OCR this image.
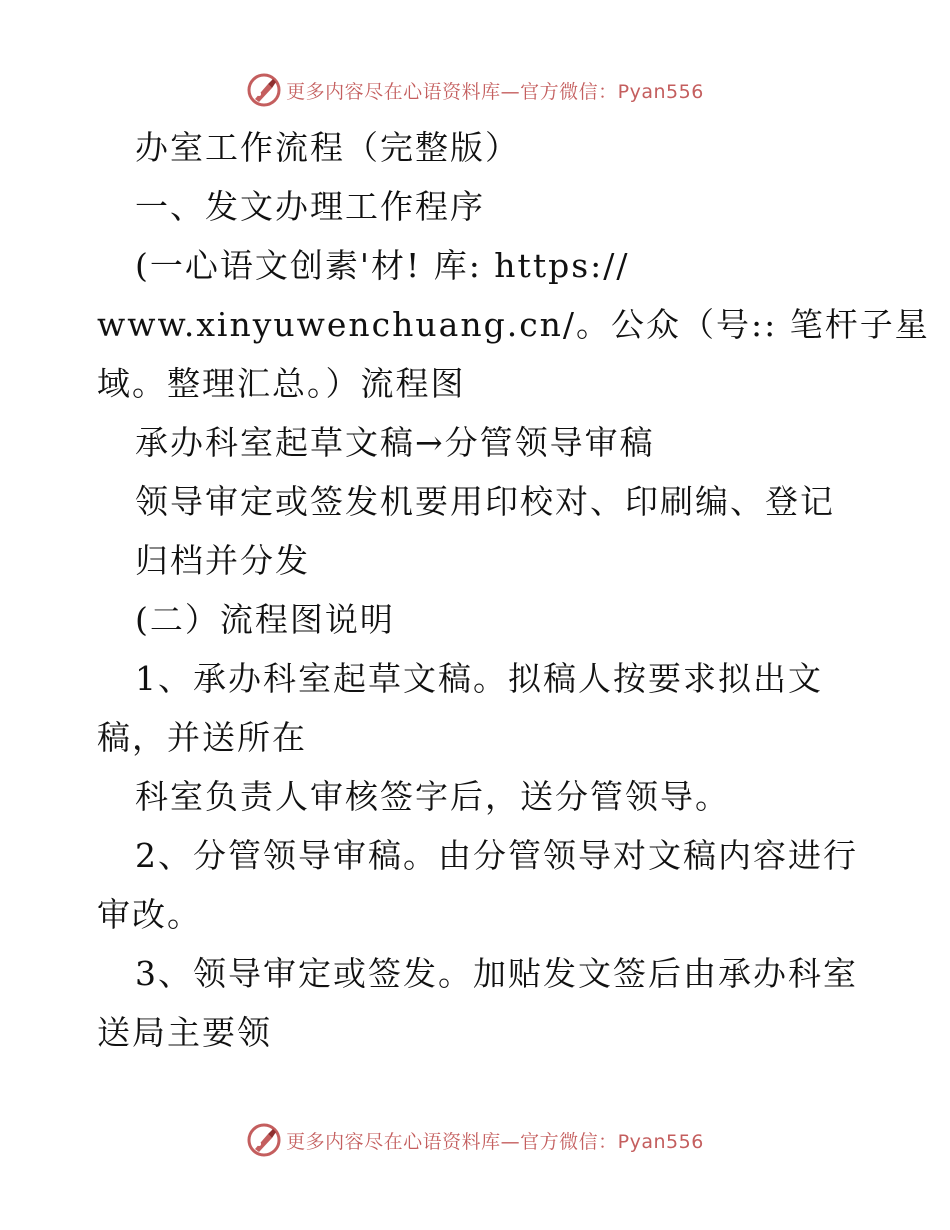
更多内容尽在心语资料库—官方微信：Pyan556
办室工作流程（完整版）
一、发文办理工作程序
(一心语文创素'材! 库: https://
www.xinyuwenchuang.cn/。公众（号:: 笔杆子星
域。整理汇总。）流程图
承办科室起草文稿→分管领导审稿
领导审定或签发机要用印校对、印刷编、登记
归档并分发
(二）流程图说明
1、承办科室起草文稿。拟稿人按要求拟出文
稿，并送所在
科室负责人审核签字后，送分管领导。
2、分管领导审稿。由分管领导对文稿内容进行
审改。
3、领导审定或签发。加贴发文签后由承办科室
送局主要领
更多内容尽在心语资料库—官方微信：Pyan556
